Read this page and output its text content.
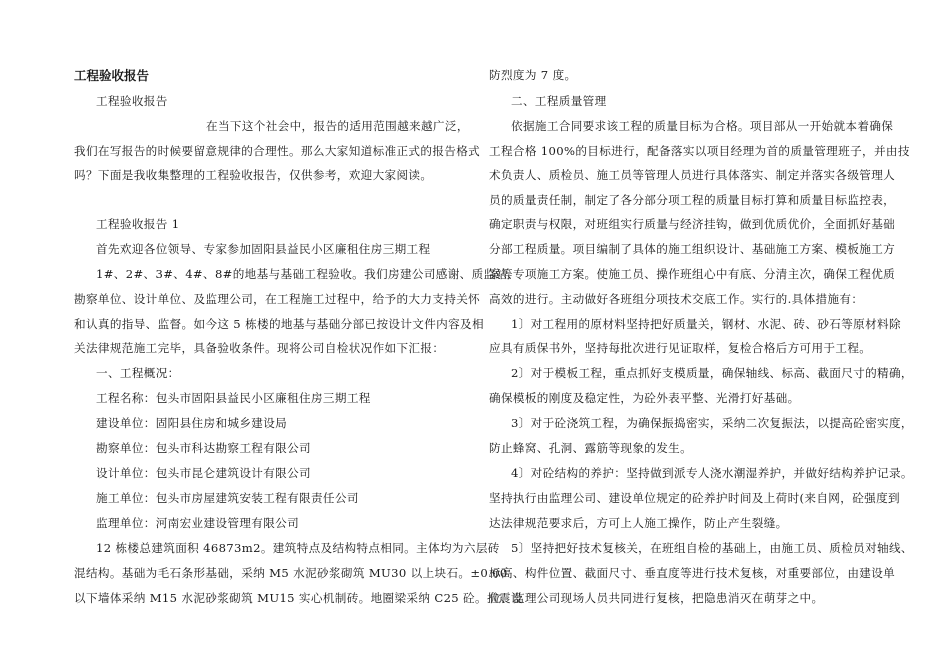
工程验收报告
工程验收报告
在当下这个社会中，报告的适用范围越来越广泛，
我们在写报告的时候要留意规律的合理性。那么大家知道标准正式的报告格式
吗？下面是我收集整理的工程验收报告，仅供参考，欢迎大家阅读。
工程验收报告 1
首先欢迎各位领导、专家参加固阳县益民小区廉租住房三期工程
1#、2#、3#、4#、8#的地基与基础工程验收。我们房建公司感谢、质监站、
勘察单位、设计单位、及监理公司，在工程施工过程中，给予的大力支持关怀
和认真的指导、监督。如今这 5 栋楼的地基与基础分部已按设计文件内容及相
关法律规范施工完毕，具备验收条件。现将公司自检状况作如下汇报：
一、工程概况：
工程名称：包头市固阳县益民小区廉租住房三期工程
建设单位：固阳县住房和城乡建设局
勘察单位：包头市科达勘察工程有限公司
设计单位：包头市昆仑建筑设计有限公司
施工单位：包头市房屋建筑安装工程有限责任公司
监理单位：河南宏业建设管理有限公司
12 栋楼总建筑面积 46873m2。建筑特点及结构特点相同。主体均为六层砖
混结构。基础为毛石条形基础，采纳 M5 水泥砂浆砌筑 MU30 以上块石。±0.00
以下墙体采纳 M15 水泥砂浆砌筑 MU15 实心机制砖。地圈梁采纳 C25 砼。抗震设
防烈度为 7 度。
二、工程质量管理
依据施工合同要求该工程的质量目标为合格。项目部从一开始就本着确保
工程合格 100%的目标进行，配备落实以项目经理为首的质量管理班子，并由技
术负责人、质检员、施工员等管理人员进行具体落实、制定并落实各级管理人
员的质量责任制，制定了各分部分项工程的质量目标打算和质量目标监控表，
确定职责与权限，对班组实行质量与经济挂钩，做到优质优价，全面抓好基础
分部工程质量。项目编制了具体的施工组织设计、基础施工方案、模板施工方
案等专项施工方案。使施工员、操作班组心中有底、分清主次，确保工程优质
高效的进行。主动做好各班组分项技术交底工作。实行的.具体措施有：
1〕对工程用的原材料坚持把好质量关，钢材、水泥、砖、砂石等原材料除
应具有质保书外，坚持每批次进行见证取样，复检合格后方可用于工程。
2〕对于模板工程，重点抓好支模质量，确保轴线、标高、截面尺寸的精确，
确保模板的刚度及稳定性，为砼外表平整、光滑打好基础。
3〕对于砼浇筑工程，为确保振捣密实，采纳二次复振法，以提高砼密实度，
防止蜂窝、孔洞、露筋等现象的发生。
4〕对砼结构的养护：坚持做到派专人浇水潮湿养护，并做好结构养护记录。
坚持执行由监理公司、建设单位规定的砼养护时间及上荷时(来自网，砼强度到
达法律规范要求后，方可上人施工操作，防止产生裂缝。
5〕坚持把好技术复核关，在班组自检的基础上，由施工员、质检员对轴线、
标高、构件位置、截面尺寸、垂直度等进行技术复核，对重要部位，由建设单
位、监理公司现场人员共同进行复核，把隐患消灭在萌芽之中。
